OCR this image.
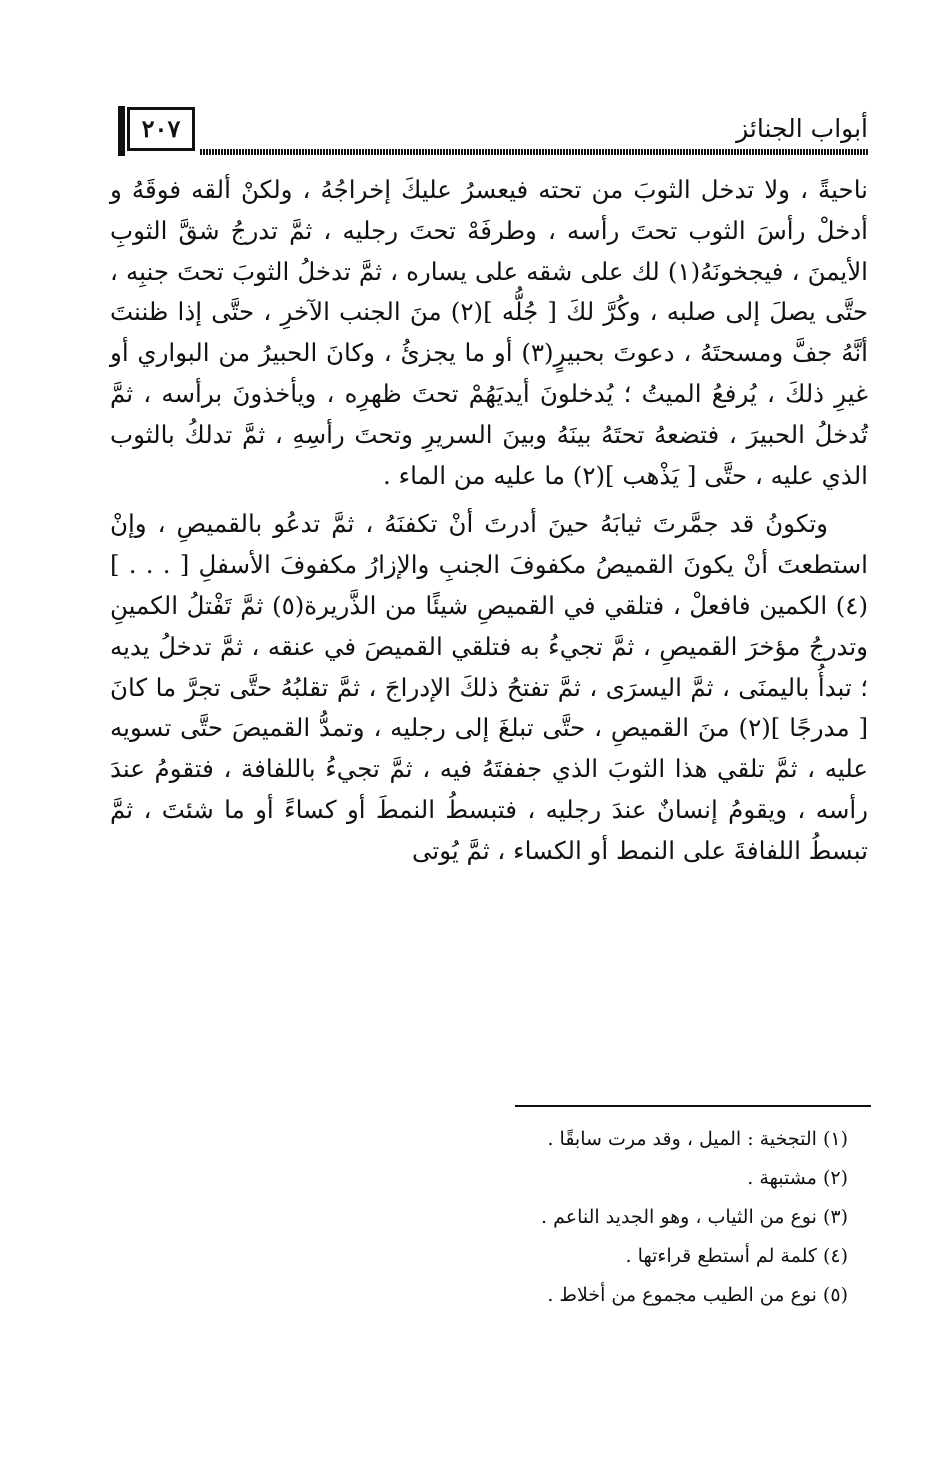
٢٠٧	أبواب الجنائز

ناحيةً ، ولا تدخل الثوبَ من تحته فيعسرُ عليكَ إخراجُهُ ، ولكنْ ألقه فوقَهُ و أدخلْ رأسَ الثوب تحتَ رأسه ، وطرفَهْ تحتَ رجليه ، ثمَّ تدرجُ شقَّ الثوبِ الأيمنَ ، فيجخونَهُ(١) لك على شقه على يساره ، ثمَّ تدخلُ الثوبَ تحتَ جنبِه ، حتَّى يصلَ إلى صلبه ، وكُرَّ لكَ [ جُلُّه ](٢) منَ الجنب الآخرِ ، حتَّى إذا ظننتَ أنَّهُ جفَّ ومسحتَهُ ، دعوتَ بحبيرٍ(٣) أو ما يجزئُ ، وكانَ الحبيرُ من البواري أو غيرِ ذلكَ ، يُرفعُ الميتُ ؛ يُدخلونَ أيديَهُمْ تحتَ ظهرِه ، ويأخذونَ برأسه ، ثمَّ تُدخلُ الحبيرَ ، فتضعهُ تحتَهُ بينَهُ وبينَ السريرِ وتحتَ رأسِهِ ، ثمَّ تدلكُ بالثوب الذي عليه ، حتَّى [ يَذْهب ](٢) ما عليه من الماء .

وتكونُ قد جمَّرتَ ثيابَهُ حينَ أدرتَ أنْ تكفنَهُ ، ثمَّ تدعُو بالقميصِ ، وإنْ استطعتَ أنْ يكونَ القميصُ مكفوفَ الجنبِ والإزارُ مكفوفَ الأسفلِ [ . . . ](٤) الكمين فافعلْ ، فتلقي في القميصِ شيئًا من الذَّريرة(٥) ثمَّ تَفْتلُ الكمينِ وتدرجُ مؤخرَ القميصِ ، ثمَّ تجيءُ به فتلقي القميصَ في عنقه ، ثمَّ تدخلُ يديه ؛ تبدأُ باليمنَى ، ثمَّ اليسرَى ، ثمَّ تفتحُ ذلكَ الإدراجَ ، ثمَّ تقلبُهُ حتَّى تجرَّ ما كانَ [ مدرجًا ](٢) منَ القميصِ ، حتَّى تبلغَ إلى رجليه ، وتمدُّ القميصَ حتَّى تسويه عليه ، ثمَّ تلقي هذا الثوبَ الذي جففتَهُ فيه ، ثمَّ تجيءُ باللفافة ، فتقومُ عندَ رأسه ، ويقومُ إنسانٌ عندَ رجليه ، فتبسطُ النمطَ أو كساءً أو ما شئتَ ، ثمَّ تبسطُ اللفافةَ على النمط أو الكساء ، ثمَّ يُوتى

(١) التجخية : الميل ، وقد مرت سابقًا .
(٢) مشتبهة .
(٣) نوع من الثياب ، وهو الجديد الناعم .
(٤) كلمة لم أستطع قراءتها .
(٥) نوع من الطيب مجموع من أخلاط .
